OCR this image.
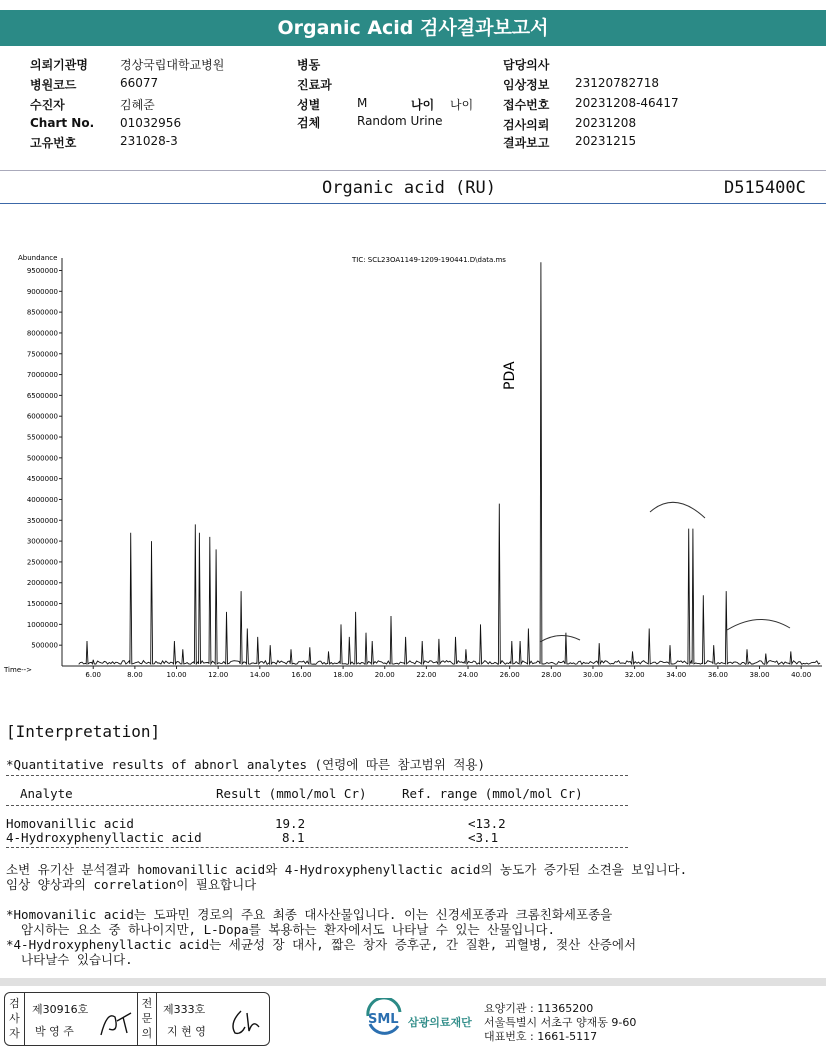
Organic Acid 검사결과보고서
의뢰기관명	경상국립대학교병원
병원코드	66077
수진자	김혜준
Chart No. 01032956
고유번호	231028-3
병동
진료과
성별	M	나이 나이
검체	Random Urine
담당의사
임상정보 23120782718
접수번호 20231208-46417
검사의뢰 20231208
결과보고 20231215
Organic acid (RU)	D515400C
Abundance	TIC: SCL23OA1149-1209-190441.D\data.ms
Time-->
500000
1000000
1500000
2000000
2500000
3000000
3500000
4000000
4500000
5000000
5500000
6000000
6500000
7000000
7500000
8000000
8500000
9000000
9500000
6.00	8.00	10.00	12.00	14.00	16.00	18.00	20.00	22.00	24.00	26.00	28.00	30.00	32.00	34.00	36.00	38.00	40.00
PDA
[Interpretation]
*Quantitative results of abnorl analytes (연령에 따른 참고범위 적용)
Analyte	Result (mmol/mol Cr)	Ref. range (mmol/mol Cr)
Homovanillic acid	19.2	<13.2
4-Hydroxyphenyllactic acid	8.1	<3.1
소변 유기산 분석결과 homovanillic acid와 4-Hydroxyphenyllactic acid의 농도가 증가된 소견을 보입니다.
임상 양상과의 correlation이 필요합니다
*Homovanilic acid는 도파민 경로의 주요 최종 대사산물입니다. 이는 신경세포종과 크롬친화세포종을
암시하는 요소 중 하나이지만, L-Dopa를 복용하는 환자에서도 나타날 수 있는 산물입니다.
*4-Hydroxyphenyllactic acid는 세균성 장 대사, 짧은 창자 증후군, 간 질환, 괴혈병, 젖산 산증에서
나타날수 있습니다.
검사자
제30916호
박 영 주
전문의
제333호
지 현 영
SML 삼광의료재단
요양기관 : 11365200
서울특별시 서초구 양재동 9-60
대표번호 : 1661-5117
